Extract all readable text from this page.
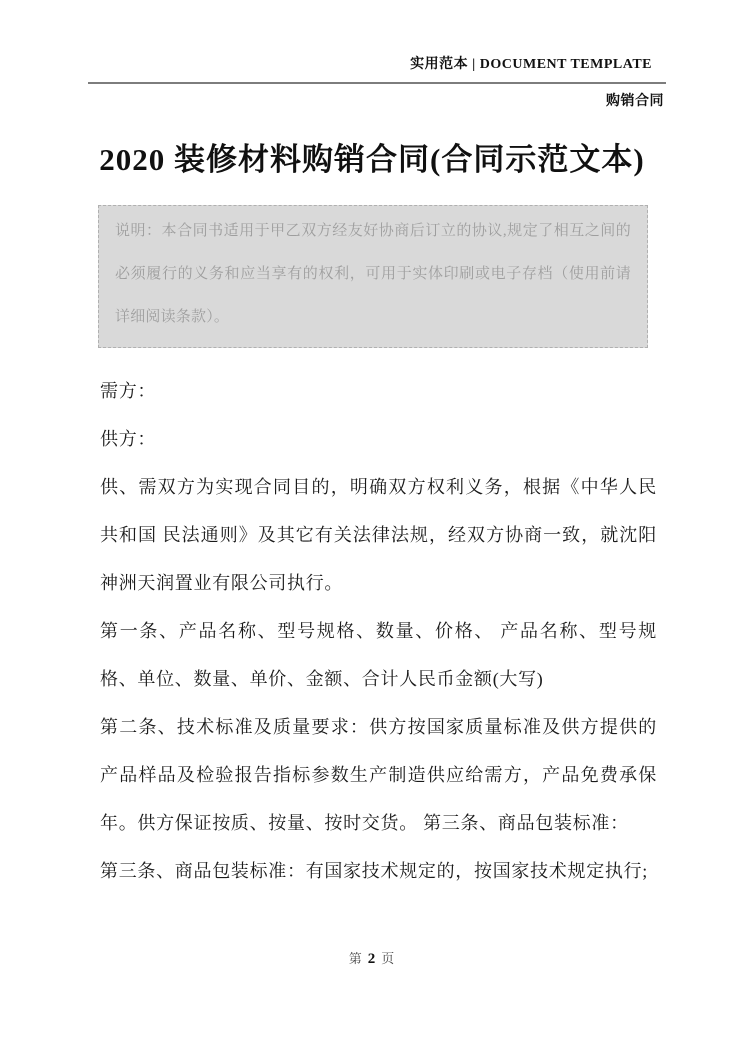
实用范本 | DOCUMENT TEMPLATE
购销合同
2020 装修材料购销合同(合同示范文本)

说明：本合同书适用于甲乙双方经友好协商后订立的协议,规定了相互之间的必须履行的义务和应当享有的权利，可用于实体印刷或电子存档（使用前请详细阅读条款）。

需方：

供方：

供、需双方为实现合同目的，明确双方权利义务，根据《中华人民共和国 民法通则》及其它有关法律法规，经双方协商一致，就沈阳神洲天润置业有限公司执行。

第一条、产品名称、型号规格、数量、价格、 产品名称、型号规格、单位、数量、单价、金额、合计人民币金额(大写)

第二条、技术标准及质量要求：供方按国家质量标准及供方提供的产品样品及检验报告指标参数生产制造供应给需方，产品免费承保年。供方保证按质、按量、按时交货。 第三条、商品包装标准：

第三条、商品包装标准：有国家技术规定的，按国家技术规定执行;

第 2 页
